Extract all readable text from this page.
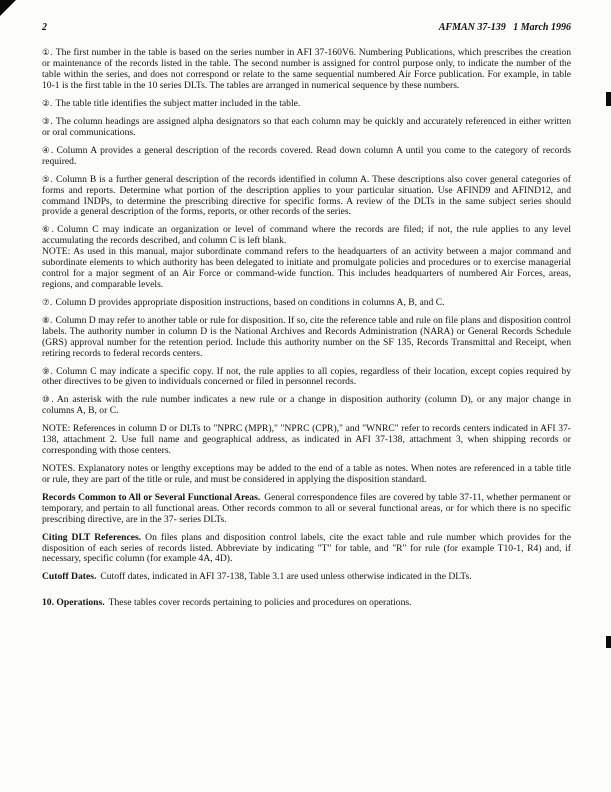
2	AFMAN 37-139   1 March 1996
①. The first number in the table is based on the series number in AFI 37-160V6. Numbering Publications, which prescribes the creation or maintenance of the records listed in the table. The second number is assigned for control purpose only, to indicate the number of the table within the series, and does not correspond or relate to the same sequential numbered Air Force publication. For example, in table 10-1 is the first table in the 10 series DLTs. The tables are arranged in numerical sequence by these numbers.
②. The table title identifies the subject matter included in the table.
③. The column headings are assigned alpha designators so that each column may be quickly and accurately referenced in either written or oral communications.
④. Column A provides a general description of the records covered. Read down column A until you come to the category of records required.
⑤. Column B is a further general description of the records identified in column A. These descriptions also cover general categories of forms and reports. Determine what portion of the description applies to your particular situation. Use AFIND9 and AFIND12, and command INDPs, to determine the prescribing directive for specific forms. A review of the DLTs in the same subject series should provide a general description of the forms, reports, or other records of the series.
⑥. Column C may indicate an organization or level of command where the records are filed; if not, the rule applies to any level accumulating the records described, and column C is left blank.
NOTE: As used in this manual, major subordinate command refers to the headquarters of an activity between a major command and subordinate elements to which authority has been delegated to initiate and promulgate policies and procedures or to exercise managerial control for a major segment of an Air Force or command-wide function. This includes headquarters of numbered Air Forces, areas, regions, and comparable levels.
⑦. Column D provides appropriate disposition instructions, based on conditions in columns A, B, and C.
⑧. Column D may refer to another table or rule for disposition. If so, cite the reference table and rule on file plans and disposition control labels. The authority number in column D is the National Archives and Records Administration (NARA) or General Records Schedule (GRS) approval number for the retention period. Include this authority number on the SF 135, Records Transmittal and Receipt, when retiring records to federal records centers.
⑨. Column C may indicate a specific copy. If not, the rule applies to all copies, regardless of their location, except copies required by other directives to be given to individuals concerned or filed in personnel records.
⑩. An asterisk with the rule number indicates a new rule or a change in disposition authority (column D), or any major change in columns A, B, or C.
NOTE: References in column D or DLTs to "NPRC (MPR)," "NPRC (CPR)," and "WNRC" refer to records centers indicated in AFI 37-138, attachment 2. Use full name and geographical address, as indicated in AFI 37-138, attachment 3, when shipping records or corresponding with those centers.
NOTES. Explanatory notes or lengthy exceptions may be added to the end of a table as notes. When notes are referenced in a table title or rule, they are part of the title or rule, and must be considered in applying the disposition standard.
Records Common to All or Several Functional Areas. General correspondence files are covered by table 37-11, whether permanent or temporary, and pertain to all functional areas. Other records common to all or several functional areas, or for which there is no specific prescribing directive, are in the 37- series DLTs.
Citing DLT References. On files plans and disposition control labels, cite the exact table and rule number which provides for the disposition of each series of records listed. Abbreviate by indicating "T" for table, and "R" for rule (for example T10-1, R4) and, if necessary, specific column (for example 4A, 4D).
Cutoff Dates. Cutoff dates, indicated in AFI 37-138, Table 3.1 are used unless otherwise indicated in the DLTs.
10. Operations. These tables cover records pertaining to policies and procedures on operations.
